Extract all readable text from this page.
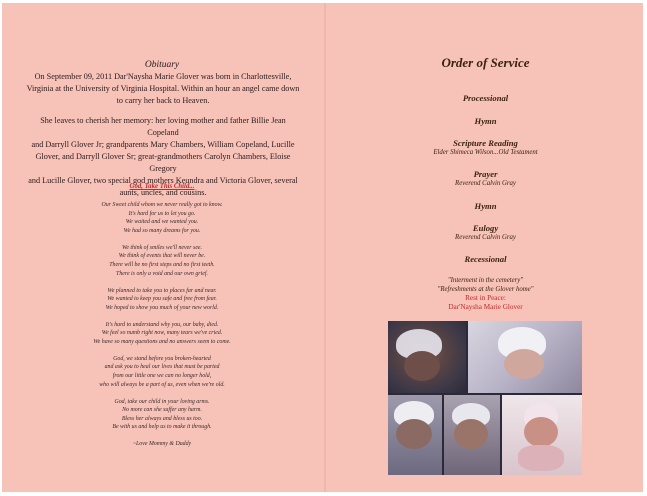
Obituary
On September 09, 2011 Dar'Naysha Marie Glover was born in Charlottesville,
Virginia at the University of Virginia Hospital. Within an hour an angel came down
to carry her back to Heaven.
She leaves to cherish her memory: her loving mother and father Billie Jean Copeland
and Darryll Glover Jr; grandparents Mary Chambers, William Copeland, Lucille
Glover, and Darryll Glover Sr; great-grandmothers Carolyn Chambers, Eloise Gregory
and Lucille Glover, two special god mothers Keundra and Victoria Glover, several
aunts, uncles, and cousins.
God, Take This Child...
Our Sweet child whom we never really got to know.
It's hard for us to let you go.
We waited and we wanted you.
We had so many dreams for you.
We think of smiles we'll never see.
We think of events that will never be.
There will be no first steps and no first teeth.
There is only a void and our own grief.
We planned to take you to places far and near.
We wanted to keep you safe and free from fear.
We hoped to show you much of your new world.
It's hard to understand why you, our baby, died.
We feel so numb right now, many tears we've cried.
We have so many questions and no answers seem to come.
God, we stand before you broken-hearted
and ask you to heal our lives that must be parted
from our little one we can no longer hold,
who will always be a part of us, even when we're old.
God, take our child in your loving arms.
No more can she suffer any harm.
Bless her always and bless us too.
Be with us and help us to make it through.
~Love Mommy & Daddy
Order of Service
Processional
Hymn
Scripture Reading
Elder Shimeca Wilson...Old Testament
Prayer
Reverend Calvin Gray
Hymn
Eulogy
Reverend Calvin Gray
Recessional
"Interment in the cemetery"
"Refreshments at the Glover home"
Rest in Peace:
Dar'Naysha Marie Glover
